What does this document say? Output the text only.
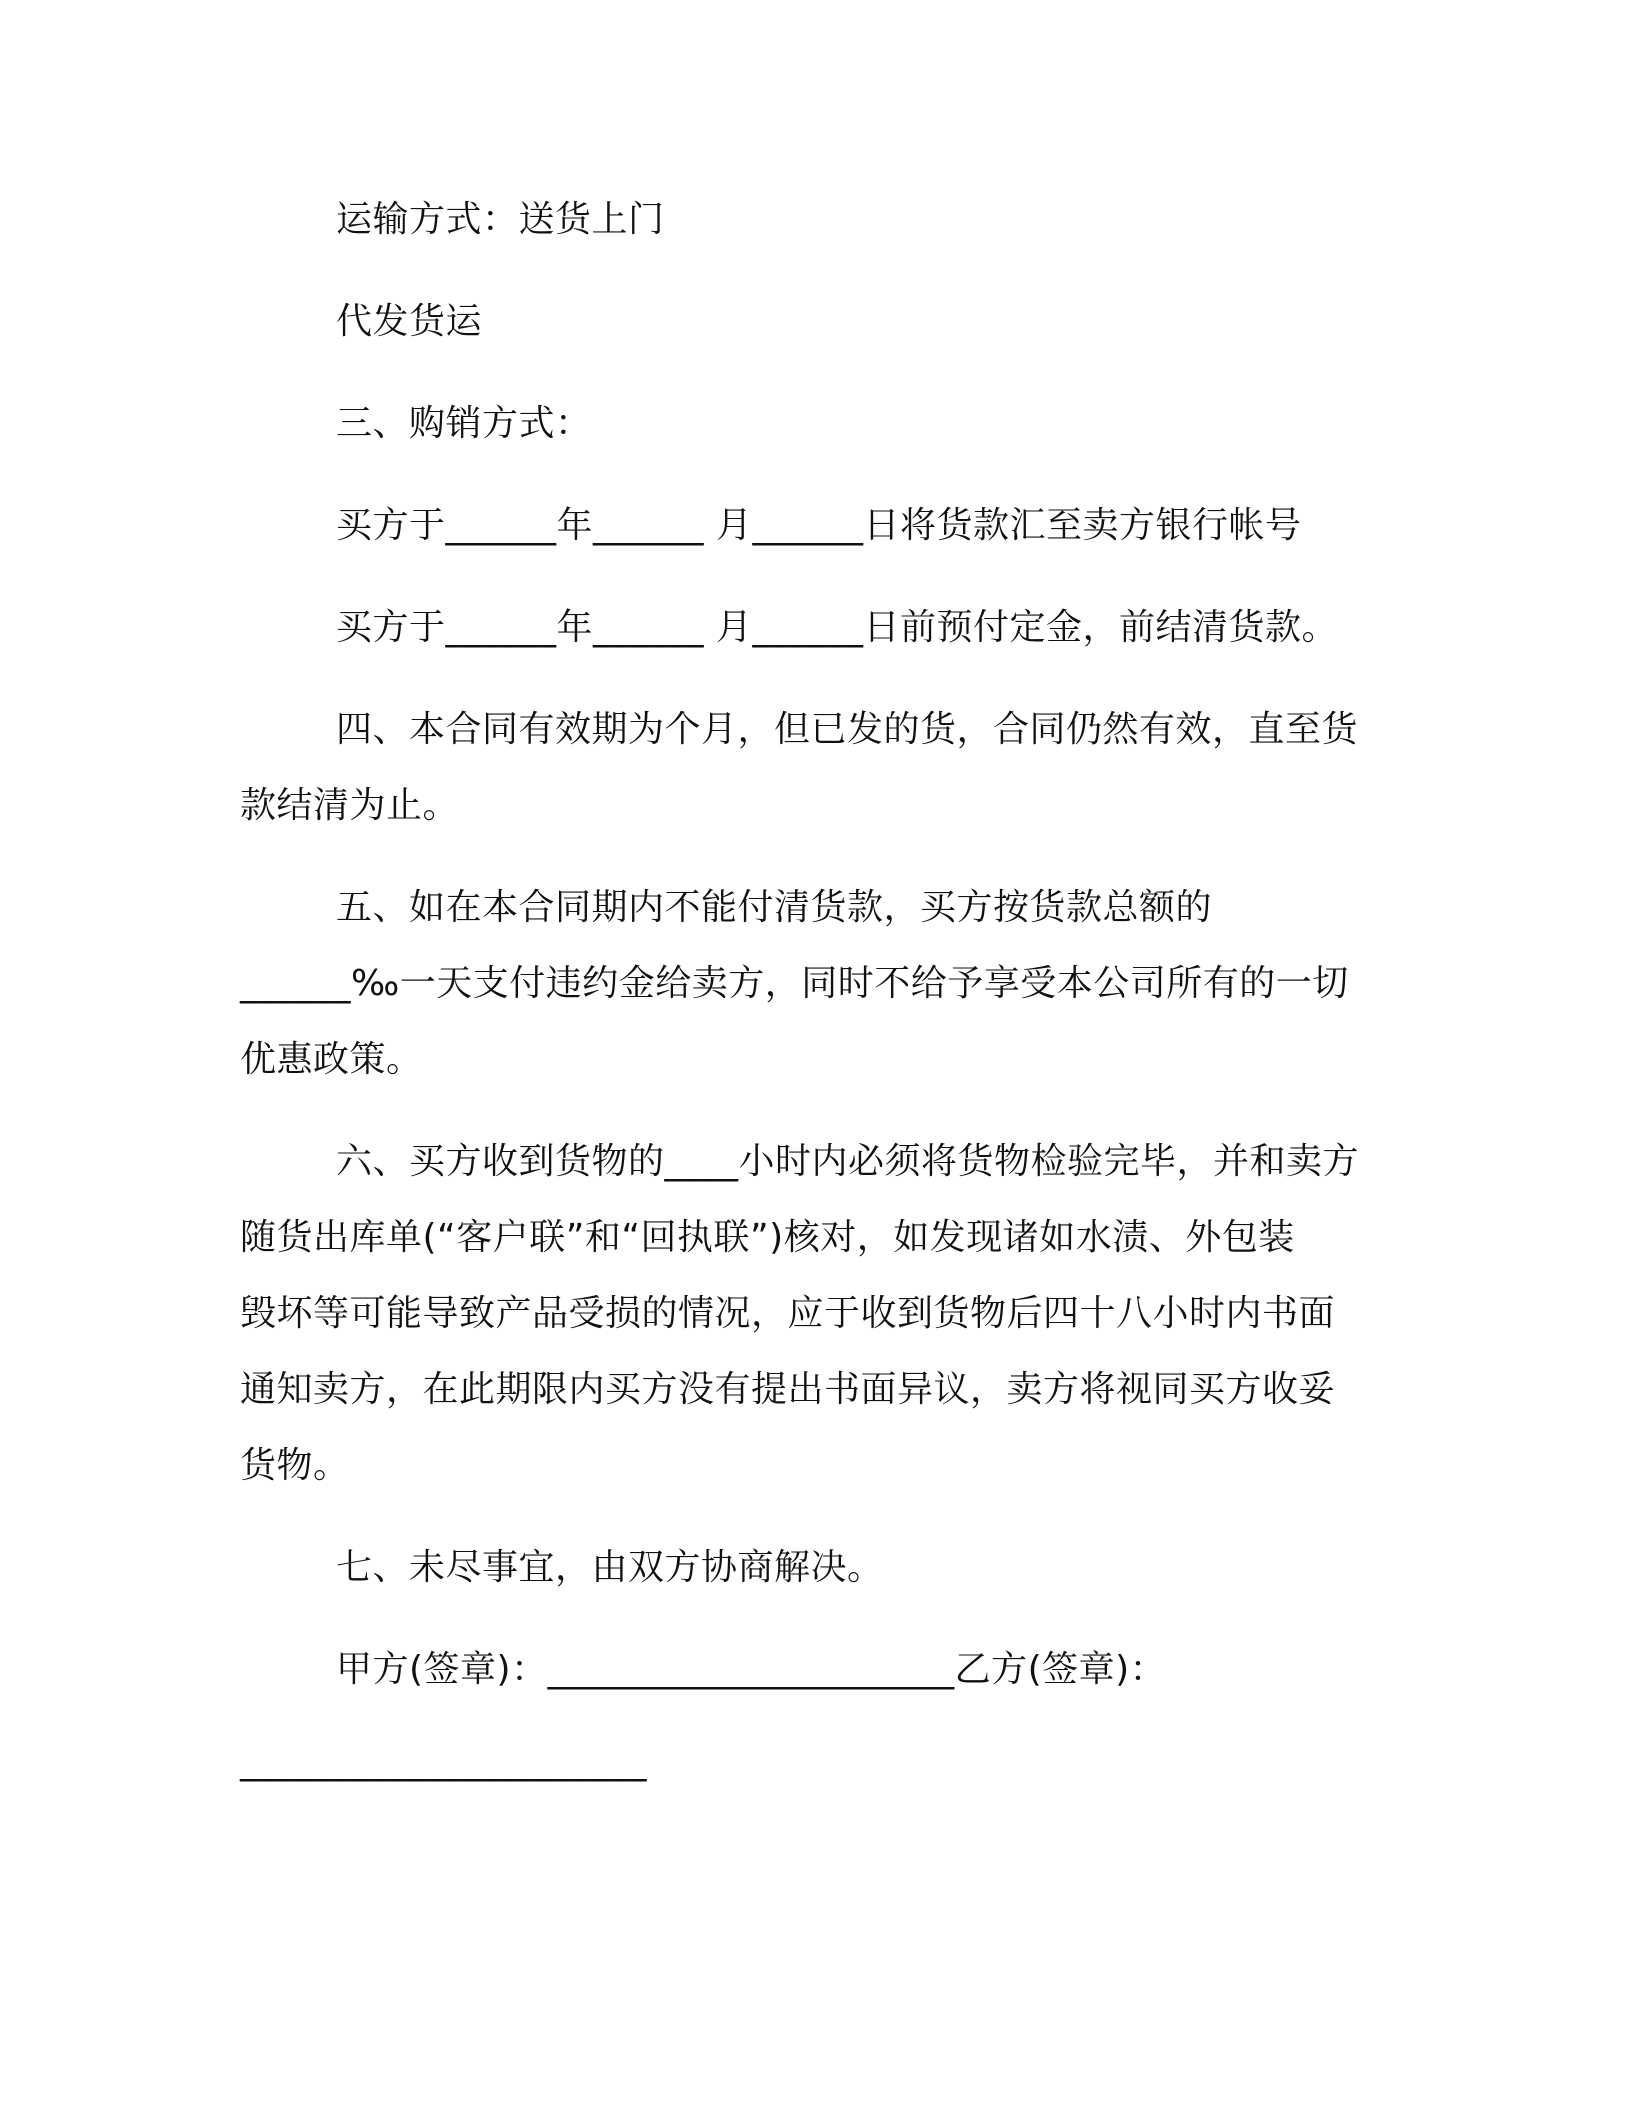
运输方式：送货上门
代发货运
三、购销方式：
买方于______年______ 月______日将货款汇至卖方银行帐号
买方于______年______ 月______日前预付定金，前结清货款。
四、本合同有效期为个月，但已发的货，合同仍然有效，直至货
款结清为止。
五、如在本合同期内不能付清货款，买方按货款总额的
______‰一天支付违约金给卖方，同时不给予享受本公司所有的一切
优惠政策。
六、买方收到货物的____小时内必须将货物检验完毕，并和卖方
随货出库单(“客户联”和“回执联”)核对，如发现诸如水渍、外包装
毁坏等可能导致产品受损的情况，应于收到货物后四十八小时内书面
通知卖方，在此期限内买方没有提出书面异议，卖方将视同买方收妥
货物。
七、未尽事宜，由双方协商解决。
甲方(签章)：______________________乙方(签章)：
______________________
